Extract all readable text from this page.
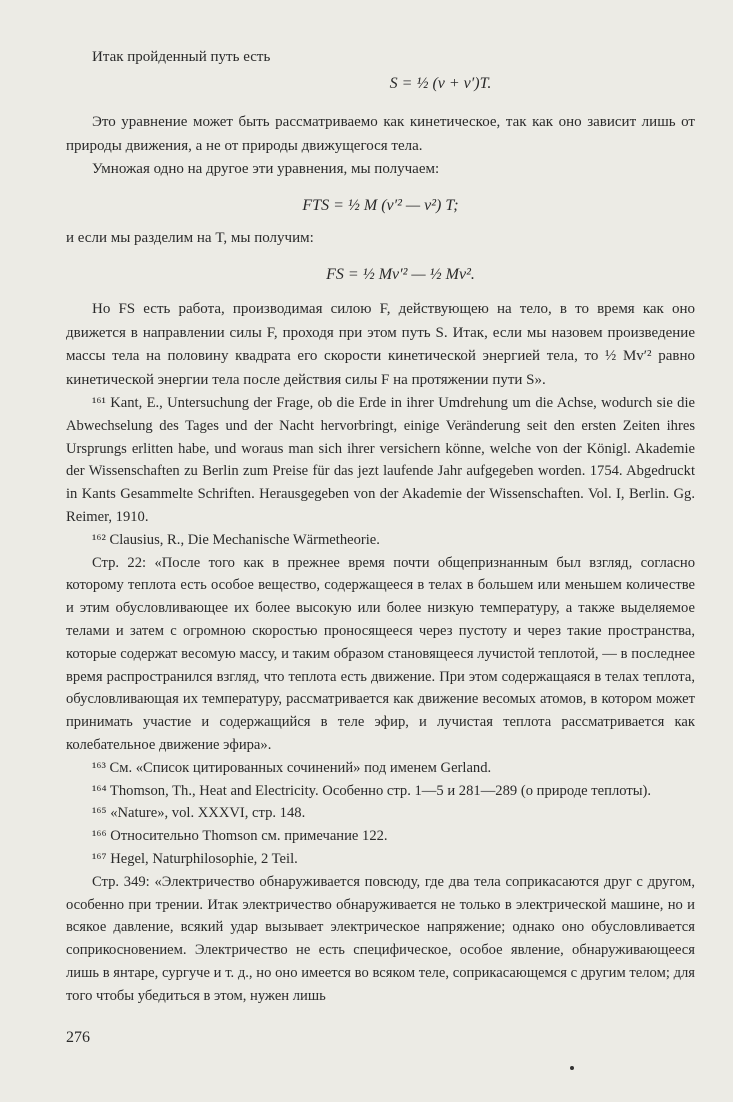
Итак пройденный путь есть

S = ½ (v + v′)T.

Это уравнение может быть рассматриваемо как кинетическое, так как оно зависит лишь от природы движения, а не от природы движущегося тела.

Умножая одно на другое эти уравнения, мы получаем:

FTS = ½ M (v′² — v²) T;

и если мы разделим на T, мы получим:

FS = ½ Mv′² — ½ Mv².

Но FS есть работа, производимая силою F, действующею на тело, в то время как оно движется в направлении силы F, проходя при этом путь S. Итак, если мы назовем произведение массы тела на половину квадрата его скорости кинетической энергией тела, то ½ Mv′² равно кинетической энергии тела после действия силы F на протяжении пути S».

¹⁶¹ Kant, E., Untersuchung der Frage, ob die Erde in ihrer Umdrehung um die Achse, wodurch sie die Abwechselung des Tages und der Nacht hervorbringt, einige Veränderung seit den ersten Zeiten ihres Ursprungs erlitten habe, und woraus man sich ihrer versichern könne, welche von der Königl. Akademie der Wissenschaften zu Berlin zum Preise für das jezt laufende Jahr aufgegeben worden. 1754. Abgedruckt in Kants Gesammelte Schriften. Herausgegeben von der Akademie der Wissenschaften. Vol. I, Berlin. Gg. Reimer, 1910.

¹⁶² Clausius, R., Die Mechanische Wärmetheorie.

Стр. 22: «После того как в прежнее время почти общепризнанным был взгляд, согласно которому теплота есть особое вещество, содержащееся в телах в большем или меньшем количестве и этим обусловливающее их более высокую или более низкую температуру, а также выделяемое телами и затем с огромною скоростью проносящееся через пустоту и через такие пространства, которые содержат весомую массу, и таким образом становящееся лучистой теплотой, — в последнее время распространился взгляд, что теплота есть движение. При этом содержащаяся в телах теплота, обусловливающая их температуру, рассматривается как движение весомых атомов, в котором может принимать участие и содержащийся в теле эфир, и лучистая теплота рассматривается как колебательное движение эфира».

¹⁶³ См. «Список цитированных сочинений» под именем Gerland.

¹⁶⁴ Thomson, Th., Heat and Electricity. Особенно стр. 1—5 и 281—289 (о природе теплоты).

¹⁶⁵ «Nature», vol. XXXVI, стр. 148.

¹⁶⁶ Относительно Thomson см. примечание 122.

¹⁶⁷ Hegel, Naturphilosophie, 2 Teil.

Стр. 349: «Электричество обнаруживается повсюду, где два тела соприкасаются друг с другом, особенно при трении. Итак электричество обнаруживается не только в электрической машине, но и всякое давление, всякий удар вызывает электрическое напряжение; однако оно обусловливается соприкосновением. Электричество не есть специфическое, особое явление, обнаруживающееся лишь в янтаре, сургуче и т. д., но оно имеется во всяком теле, соприкасающемся с другим телом; для того чтобы убедиться в этом, нужен лишь

276
